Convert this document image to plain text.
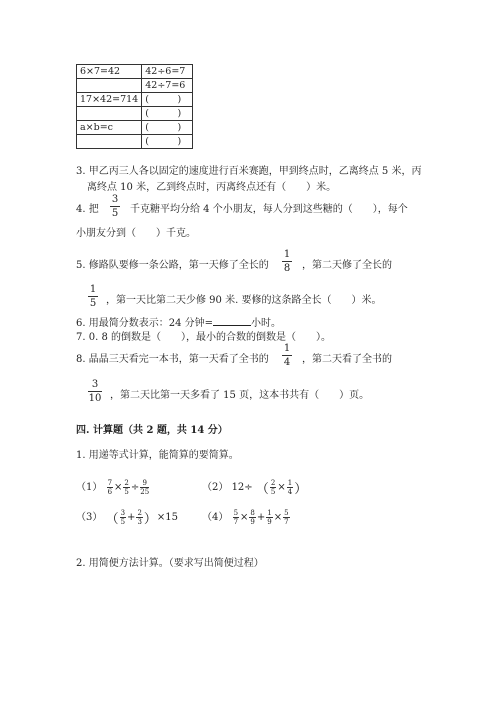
6×7=42	42÷6=7
	42÷7=6
17×42=714	(　　　)
	(　　　)
a×b=c	(　　　)
	(　　　)
3. 甲乙丙三人各以固定的速度进行百米赛跑，甲到终点时，乙离终点 5 米，丙
离终点 10 米，乙到终点时，丙离终点还有（　　）米。
4. 把
3
5 千克糖平均分给 4 个小朋友，每人分到这些糖的（　　），每个
小朋友分到（　　）千克。
5. 修路队要修一条公路，第一天修了全长的
1
8 ，第二天修了全长的
1
5 ，第一天比第二天少修 90 米. 要修的这条路全长（　　）米。
6. 用最简分数表示：24 分钟=	小时。
7. 0. 8 的倒数是（　　），最小的合数的倒数是（　　）。
8. 晶晶三天看完一本书，第一天看了全书的
1
4 ，第二天看了全书的
3
10 ，第二天比第一天多看了 15 页，这本书共有（　　）页。
四. 计算题（共 2 题，共 14 分）
1. 用递等式计算，能简算的要简算。
$(1) \frac{7}{6} \times \frac{2}{5} \div \frac{9}{25}$	（2） 12÷ （ $\frac{2}{5} \times \frac{1}{4}$ ）
（3） （ $\frac{3}{5} + \frac{2}{3} )\times 15$ $(4) \frac{5}{7} \times \frac{8}{9} + \frac{1}{9} \times \frac{5}{7}$
2. 用简便方法计算。（要求写出简便过程）
